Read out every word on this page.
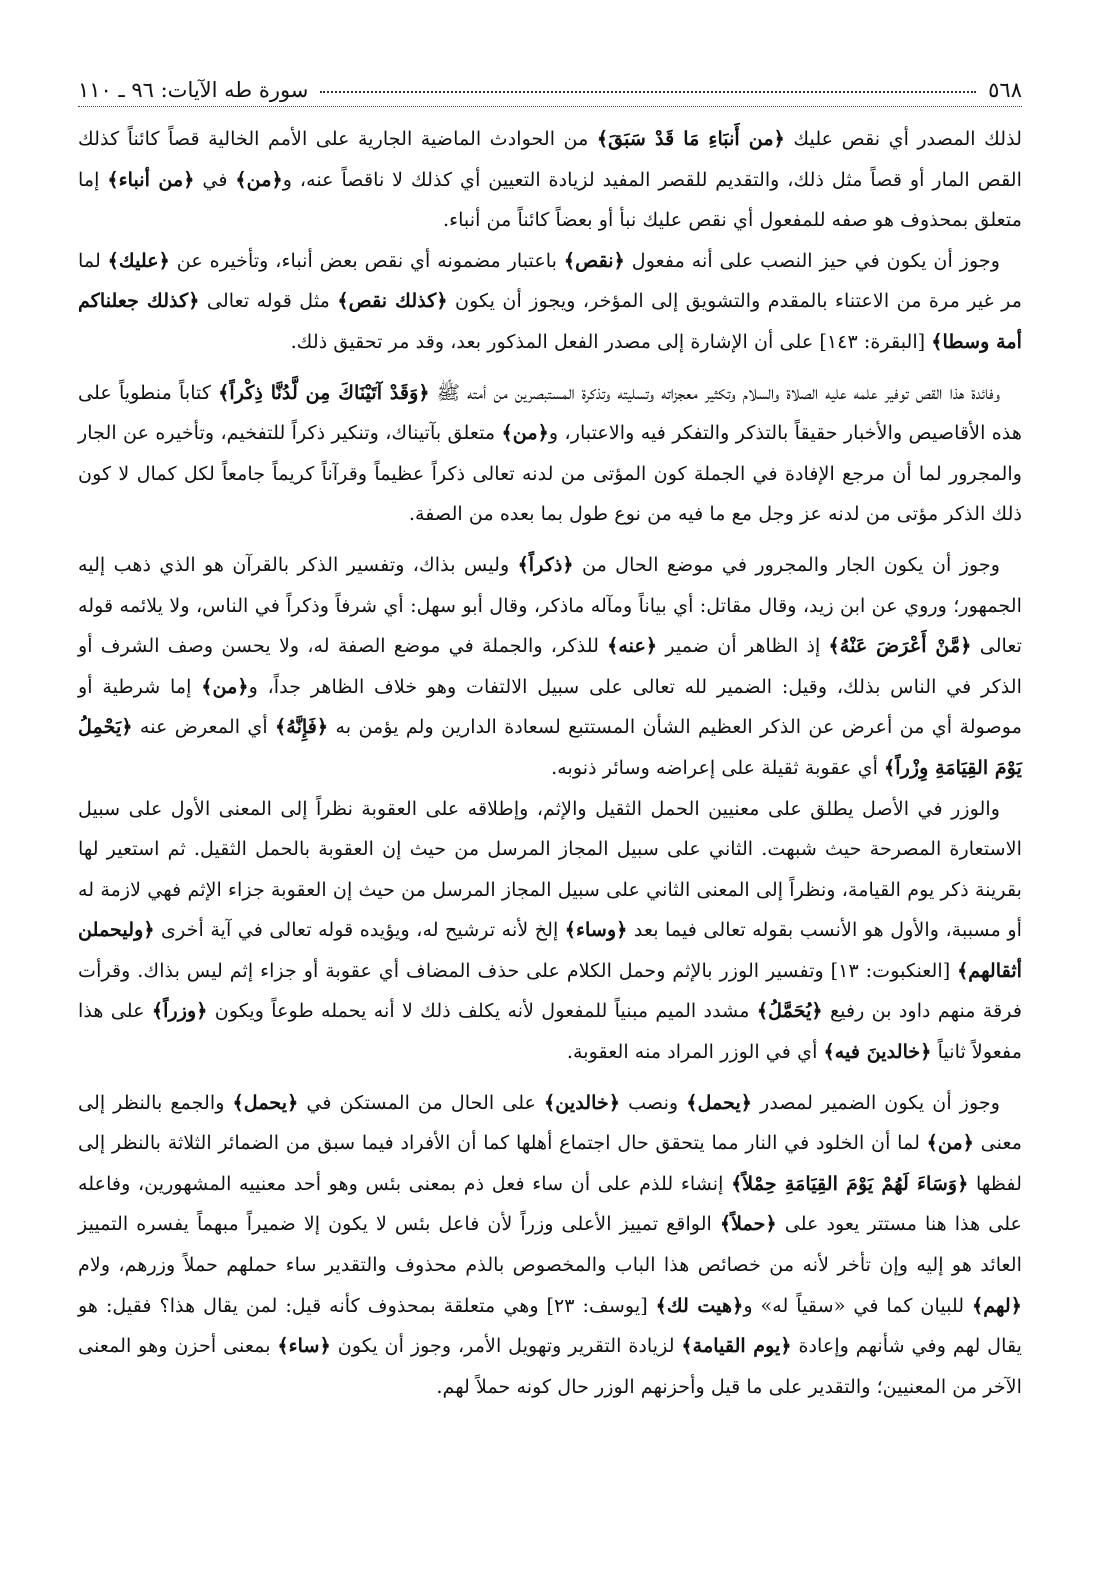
٥٦٨
سورة طه الآيات: ٩٦ ـ ١١٠

لذلك المصدر أي نقص عليك ﴿من أَنبَاءِ مَا قَدْ سَبَقَ﴾ من الحوادث الماضية الجارية على الأمم الخالية قصاً كائناً كذلك القص المار أو قصاً مثل ذلك، والتقديم للقصر المفيد لزيادة التعيين أي كذلك لا ناقصاً عنه، و﴿من﴾ في ﴿من أنباء﴾ إما متعلق بمحذوف هو صفه للمفعول أي نقص عليك نبأ أو بعضاً كائناً من أنباء.

وجوز أن يكون في حيز النصب على أنه مفعول ﴿نقص﴾ باعتبار مضمونه أي نقص بعض أنباء، وتأخيره عن ﴿عليك﴾ لما مر غير مرة من الاعتناء بالمقدم والتشويق إلى المؤخر، ويجوز أن يكون ﴿كذلك نقص﴾ مثل قوله تعالى ﴿كذلك جعلناكم أمة وسطا﴾ [البقرة: ١٤٣] على أن الإشارة إلى مصدر الفعل المذكور بعد، وقد مر تحقيق ذلك.

وفائدة هذا القص توفير علمه عليه الصلاة والسلام وتكثير معجزاته وتسليته وتذكرة المستبصرين من أمته ﷺ ﴿وَقَدْ آتَيْنَاكَ مِن لَّدُنَّا ذِكْراً﴾ كتاباً منطوياً على هذه الأقاصيص والأخبار حقيقاً بالتذكر والتفكر فيه والاعتبار، و﴿من﴾ متعلق بآتيناك، وتنكير ذكراً للتفخيم، وتأخيره عن الجار والمجرور لما أن مرجع الإفادة في الجملة كون المؤتى من لدنه تعالى ذكراً عظيماً وقرآناً كريماً جامعاً لكل كمال لا كون ذلك الذكر مؤتى من لدنه عز وجل مع ما فيه من نوع طول بما بعده من الصفة.

وجوز أن يكون الجار والمجرور في موضع الحال من ﴿ذكراً﴾ وليس بذاك، وتفسير الذكر بالقرآن هو الذي ذهب إليه الجمهور؛ وروي عن ابن زيد، وقال مقاتل: أي بياناً ومآله ماذكر، وقال أبو سهل: أي شرفاً وذكراً في الناس، ولا يلائمه قوله تعالى ﴿مَّنْ أَعْرَضَ عَنْهُ﴾ إذ الظاهر أن ضمير ﴿عنه﴾ للذكر، والجملة في موضع الصفة له، ولا يحسن وصف الشرف أو الذكر في الناس بذلك، وقيل: الضمير لله تعالى على سبيل الالتفات وهو خلاف الظاهر جداً، و﴿من﴾ إما شرطية أو موصولة أي من أعرض عن الذكر العظيم الشأن المستتبع لسعادة الدارين ولم يؤمن به ﴿فَإِنَّهُ﴾ أي المعرض عنه ﴿يَحْمِلُ يَوْمَ القِيَامَةِ وِزْراً﴾ أي عقوبة ثقيلة على إعراضه وسائر ذنوبه.

والوزر في الأصل يطلق على معنيين الحمل الثقيل والإثم، وإطلاقه على العقوبة نظراً إلى المعنى الأول على سبيل الاستعارة المصرحة حيث شبهت. الثاني على سبيل المجاز المرسل من حيث إن العقوبة بالحمل الثقيل. ثم استعير لها بقرينة ذكر يوم القيامة، ونظراً إلى المعنى الثاني على سبيل المجاز المرسل من حيث إن العقوبة جزاء الإثم فهي لازمة له أو مسببة، والأول هو الأنسب بقوله تعالى فيما بعد ﴿وساء﴾ إلخ لأنه ترشيح له، ويؤيده قوله تعالى في آية أخرى ﴿وليحملن أثقالهم﴾ [العنكبوت: ١٣] وتفسير الوزر بالإثم وحمل الكلام على حذف المضاف أي عقوبة أو جزاء إثم ليس بذاك. وقرأت فرقة منهم داود بن رفيع ﴿يُحَمَّلُ﴾ مشدد الميم مبنياً للمفعول لأنه يكلف ذلك لا أنه يحمله طوعاً ويكون ﴿وزراً﴾ على هذا مفعولاً ثانياً ﴿خالدينَ فيه﴾ أي في الوزر المراد منه العقوبة.

وجوز أن يكون الضمير لمصدر ﴿يحمل﴾ ونصب ﴿خالدين﴾ على الحال من المستكن في ﴿يحمل﴾ والجمع بالنظر إلى معنى ﴿من﴾ لما أن الخلود في النار مما يتحقق حال اجتماع أهلها كما أن الأفراد فيما سبق من الضمائر الثلاثة بالنظر إلى لفظها ﴿وَسَاءَ لَهُمْ يَوْمَ القِيَامَةِ حِمْلاً﴾ إنشاء للذم على أن ساء فعل ذم بمعنى بئس وهو أحد معنييه المشهورين، وفاعله على هذا هنا مستتر يعود على ﴿حملاً﴾ الواقع تمييز الأعلى وزراً لأن فاعل بئس لا يكون إلا ضميراً مبهماً يفسره التمييز العائد هو إليه وإن تأخر لأنه من خصائص هذا الباب والمخصوص بالذم محذوف والتقدير ساء حملهم حملاً وزرهم، ولام ﴿لهم﴾ للبيان كما في «سقياً له» و﴿هيت لك﴾ [يوسف: ٢٣] وهي متعلقة بمحذوف كأنه قيل: لمن يقال هذا؟ فقيل: هو يقال لهم وفي شأنهم وإعادة ﴿يوم القيامة﴾ لزيادة التقرير وتهويل الأمر، وجوز أن يكون ﴿ساء﴾ بمعنى أحزن وهو المعنى الآخر من المعنيين؛ والتقدير على ما قيل وأحزنهم الوزر حال كونه حملاً لهم.
